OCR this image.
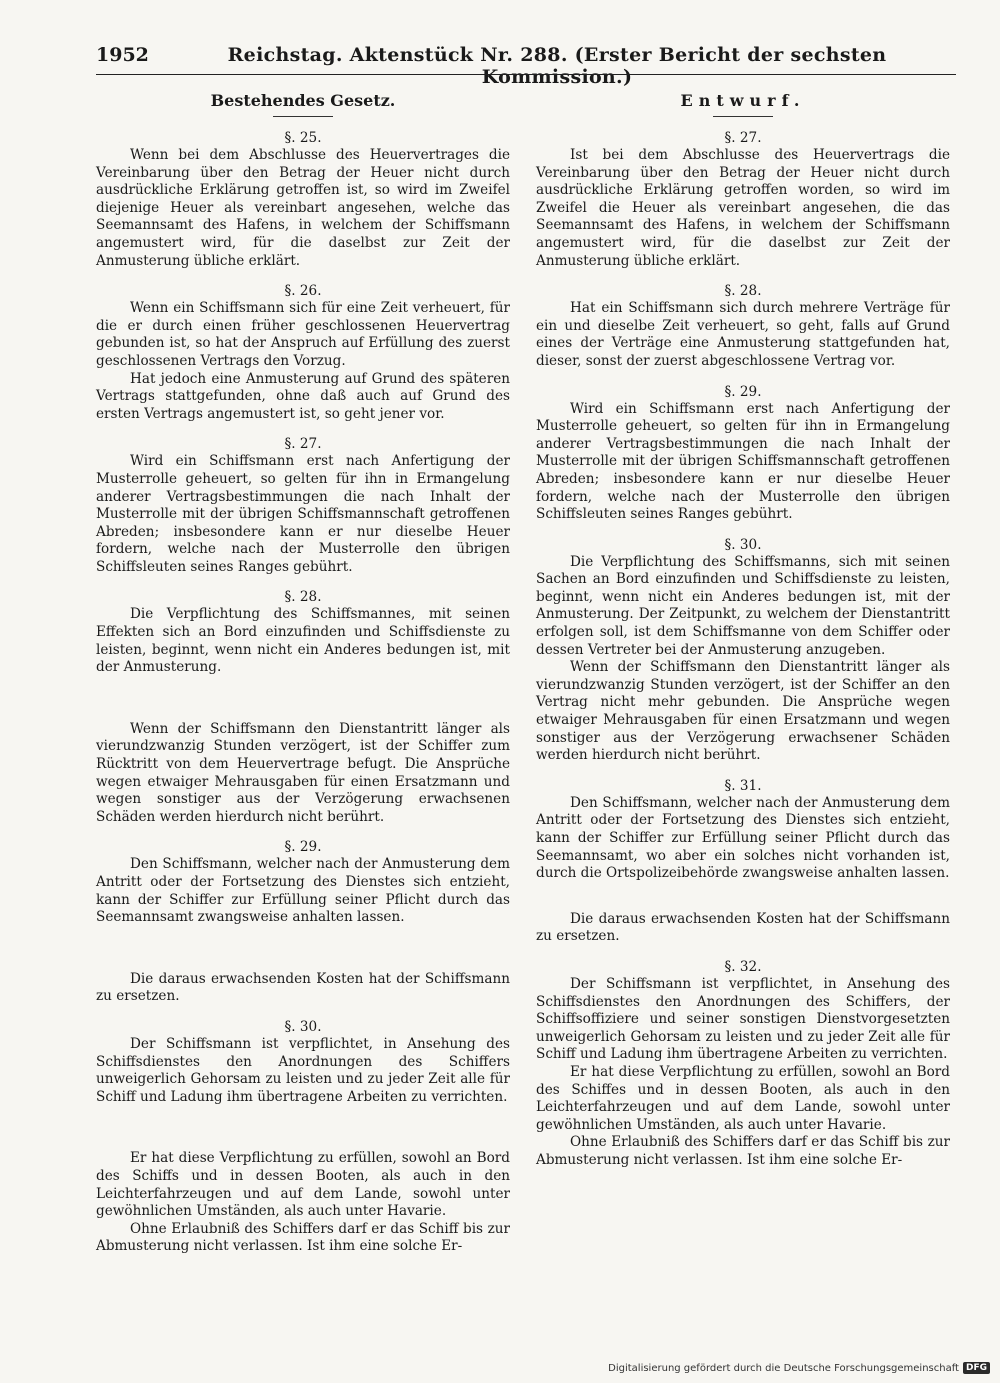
1952	Reichstag. Aktenstück Nr. 288. (Erster Bericht der sechsten Kommission.)
Bestehendes Gesetz.
§. 25.

Wenn bei dem Abschlusse des Heuervertrages die Vereinbarung über den Betrag der Heuer nicht durch ausdrückliche Erklärung getroffen ist, so wird im Zweifel diejenige Heuer als vereinbart angesehen, welche das Seemannsamt des Hafens, in welchem der Schiffsmann angemustert wird, für die daselbst zur Zeit der Anmusterung übliche erklärt.

§. 26.

Wenn ein Schiffsmann sich für eine Zeit verheuert, für die er durch einen früher geschlossenen Heuervertrag gebunden ist, so hat der Anspruch auf Erfüllung des zuerst geschlossenen Vertrags den Vorzug.

Hat jedoch eine Anmusterung auf Grund des späteren Vertrags stattgefunden, ohne daß auch auf Grund des ersten Vertrags angemustert ist, so geht jener vor.

§. 27.

Wird ein Schiffsmann erst nach Anfertigung der Musterrolle geheuert, so gelten für ihn in Ermangelung anderer Vertragsbestimmungen die nach Inhalt der Musterrolle mit der übrigen Schiffsmannschaft getroffenen Abreden; insbesondere kann er nur dieselbe Heuer fordern, welche nach der Musterrolle den übrigen Schiffsleuten seines Ranges gebührt.

§. 28.

Die Verpflichtung des Schiffsmannes, mit seinen Effekten sich an Bord einzufinden und Schiffsdienste zu leisten, beginnt, wenn nicht ein Anderes bedungen ist, mit der Anmusterung.

Wenn der Schiffsmann den Dienstantritt länger als vierundzwanzig Stunden verzögert, ist der Schiffer zum Rücktritt von dem Heuervertrage befugt. Die Ansprüche wegen etwaiger Mehrausgaben für einen Ersatzmann und wegen sonstiger aus der Verzögerung erwachsenen Schäden werden hierdurch nicht berührt.

§. 29.

Den Schiffsmann, welcher nach der Anmusterung dem Antritt oder der Fortsetzung des Dienstes sich entzieht, kann der Schiffer zur Erfüllung seiner Pflicht durch das Seemannsamt zwangsweise anhalten lassen.

Die daraus erwachsenden Kosten hat der Schiffsmann zu ersetzen.

§. 30.

Der Schiffsmann ist verpflichtet, in Ansehung des Schiffsdienstes den Anordnungen des Schiffers unweigerlich Gehorsam zu leisten und zu jeder Zeit alle für Schiff und Ladung ihm übertragene Arbeiten zu verrichten.

Er hat diese Verpflichtung zu erfüllen, sowohl an Bord des Schiffs und in dessen Booten, als auch in den Leichterfahrzeugen und auf dem Lande, sowohl unter gewöhnlichen Umständen, als auch unter Havarie.

Ohne Erlaubniß des Schiffers darf er das Schiff bis zur Abmusterung nicht verlassen. Ist ihm eine solche Er-

Entwurf.
§. 27.

Ist bei dem Abschlusse des Heuervertrags die Vereinbarung über den Betrag der Heuer nicht durch ausdrückliche Erklärung getroffen worden, so wird im Zweifel die Heuer als vereinbart angesehen, die das Seemannsamt des Hafens, in welchem der Schiffsmann angemustert wird, für die daselbst zur Zeit der Anmusterung übliche erklärt.

§. 28.

Hat ein Schiffsmann sich durch mehrere Verträge für ein und dieselbe Zeit verheuert, so geht, falls auf Grund eines der Verträge eine Anmusterung stattgefunden hat, dieser, sonst der zuerst abgeschlossene Vertrag vor.

§. 29.

Wird ein Schiffsmann erst nach Anfertigung der Musterrolle geheuert, so gelten für ihn in Ermangelung anderer Vertragsbestimmungen die nach Inhalt der Musterrolle mit der übrigen Schiffsmannschaft getroffenen Abreden; insbesondere kann er nur dieselbe Heuer fordern, welche nach der Musterrolle den übrigen Schiffsleuten seines Ranges gebührt.

§. 30.

Die Verpflichtung des Schiffsmanns, sich mit seinen Sachen an Bord einzufinden und Schiffsdienste zu leisten, beginnt, wenn nicht ein Anderes bedungen ist, mit der Anmusterung. Der Zeitpunkt, zu welchem der Dienstantritt erfolgen soll, ist dem Schiffsmanne von dem Schiffer oder dessen Vertreter bei der Anmusterung anzugeben.

Wenn der Schiffsmann den Dienstantritt länger als vierundzwanzig Stunden verzögert, ist der Schiffer an den Vertrag nicht mehr gebunden. Die Ansprüche wegen etwaiger Mehrausgaben für einen Ersatzmann und wegen sonstiger aus der Verzögerung erwachsener Schäden werden hierdurch nicht berührt.

§. 31.

Den Schiffsmann, welcher nach der Anmusterung dem Antritt oder der Fortsetzung des Dienstes sich entzieht, kann der Schiffer zur Erfüllung seiner Pflicht durch das Seemannsamt, wo aber ein solches nicht vorhanden ist, durch die Ortspolizeibehörde zwangsweise anhalten lassen.

Die daraus erwachsenden Kosten hat der Schiffsmann zu ersetzen.

§. 32.

Der Schiffsmann ist verpflichtet, in Ansehung des Schiffsdienstes den Anordnungen des Schiffers, der Schiffsoffiziere und seiner sonstigen Dienstvorgesetzten unweigerlich Gehorsam zu leisten und zu jeder Zeit alle für Schiff und Ladung ihm übertragene Arbeiten zu verrichten.

Er hat diese Verpflichtung zu erfüllen, sowohl an Bord des Schiffes und in dessen Booten, als auch in den Leichterfahrzeugen und auf dem Lande, sowohl unter gewöhnlichen Umständen, als auch unter Havarie.

Ohne Erlaubniß des Schiffers darf er das Schiff bis zur Abmusterung nicht verlassen. Ist ihm eine solche Er-

Digitalisierung gefördert durch die Deutsche Forschungsgemeinschaft DFG
